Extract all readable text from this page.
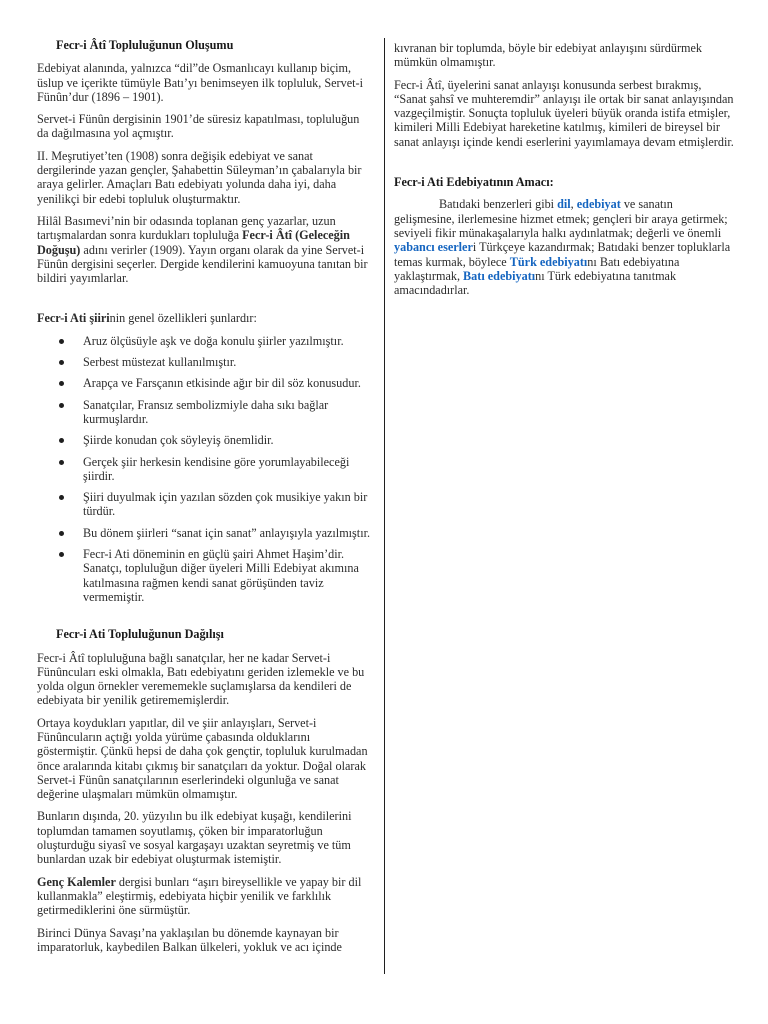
Fecr-i Âtî Topluluğunun Oluşumu

Edebiyat alanında, yalnızca “dil”de Osmanlıcayı kullanıp biçim, üslup ve içerikte tümüyle Batı’yı benimseyen ilk topluluk, Servet-i Fünûn’dur (1896 – 1901).

Servet-i Fünûn dergisinin 1901’de süresiz kapatılması, topluluğun da dağılmasına yol açmıştır.

II. Meşrutiyet’ten (1908) sonra değişik edebiyat ve sanat dergilerinde yazan gençler, Şahabettin Süleyman’ın çabalarıyla bir araya gelirler. Amaçları Batı edebiyatı yolunda daha iyi, daha yenilikçi bir edebi topluluk oluşturmaktır.

Hilâl Basımevi’nin bir odasında toplanan genç yazarlar, uzun tartışmalardan sonra kurdukları topluluğa Fecr-i Âtî (Geleceğin Doğuşu) adını verirler (1909). Yayın organı olarak da yine Servet-i Fünûn dergisini seçerler. Dergide kendilerini kamuoyuna tanıtan bir bildiri yayımlarlar.

Fecr-i Ati şiirinin genel özellikleri şunlardır:

Aruz ölçüsüyle aşk ve doğa konulu şiirler yazılmıştır.
Serbest müstezat kullanılmıştır.
Arapça ve Farsçanın etkisinde ağır bir dil söz konusudur.
Sanatçılar, Fransız sembolizmiyle daha sıkı bağlar kurmuşlardır.
Şiirde konudan çok söyleyiş önemlidir.
Gerçek şiir herkesin kendisine göre yorumlayabileceği şiirdir.
Şiiri duyulmak için yazılan sözden çok musikiye yakın bir türdür.
Bu dönem şiirleri “sanat için sanat” anlayışıyla yazılmıştır.
Fecr-i Ati döneminin en güçlü şairi Ahmet Haşim’dir. Sanatçı, topluluğun diğer üyeleri Milli Edebiyat akımına katılmasına rağmen kendi sanat görüşünden taviz vermemiştir.
Fecr-i Ati Topluluğunun Dağılışı

Fecr-i Âtî topluluğuna bağlı sanatçılar, her ne kadar Servet-i Fünûncuları eski olmakla, Batı edebiyatını geriden izlemekle ve bu yolda olgun örnekler verememekle suçlamışlarsa da kendileri de edebiyata bir yenilik getirememişlerdir.

Ortaya koydukları yapıtlar, dil ve şiir anlayışları, Servet-i Fünûncuların açtığı yolda yürüme çabasında olduklarını göstermiştir. Çünkü hepsi de daha çok gençtir, topluluk kurulmadan önce aralarında kitabı çıkmış bir sanatçıları da yoktur. Doğal olarak Servet-i Fünûn sanatçılarının eserlerindeki olgunluğa ve sanat değerine ulaşmaları mümkün olmamıştır.

Bunların dışında, 20. yüzyılın bu ilk edebiyat kuşağı, kendilerini toplumdan tamamen soyutlamış, çöken bir imparatorluğun oluşturduğu siyasî ve sosyal kargaşayı uzaktan seyretmiş ve tüm bunlardan uzak bir edebiyat oluşturmak istemiştir.

Genç Kalemler dergisi bunları “aşırı bireysellikle ve yapay bir dil kullanmakla” eleştirmiş, edebiyata hiçbir yenilik ve farklılık getirmediklerini öne sürmüştür.

Birinci Dünya Savaşı’na yaklaşılan bu dönemde kaynayan bir imparatorluk, kaybedilen Balkan ülkeleri, yokluk ve acı içinde

kıvranan bir toplumda, böyle bir edebiyat anlayışını sürdürmek mümkün olmamıştır.

Fecr-i Âtî, üyelerini sanat anlayışı konusunda serbest bırakmış, “Sanat şahsî ve muhteremdir” anlayışı ile ortak bir sanat anlayışından vazgeçilmiştir. Sonuçta topluluk üyeleri büyük oranda istifa etmişler, kimileri Milli Edebiyat hareketine katılmış, kimileri de bireysel bir sanat anlayışı içinde kendi eserlerini yayımlamaya devam etmişlerdir.

Fecr-i Ati Edebiyatının Amacı:

Batıdaki benzerleri gibi dil, edebiyat ve sanatın gelişmesine, ilerlemesine hizmet etmek; gençleri bir araya getirmek; seviyeli fikir münakaşalarıyla halkı aydınlatmak; değerli ve önemli yabancı eserleri Türkçeye kazandırmak; Batıdaki benzer topluklarla temas kurmak, böylece Türk edebiyatını Batı edebiyatına yaklaştırmak, Batı edebiyatını Türk edebiyatına tanıtmak amacındadırlar.
